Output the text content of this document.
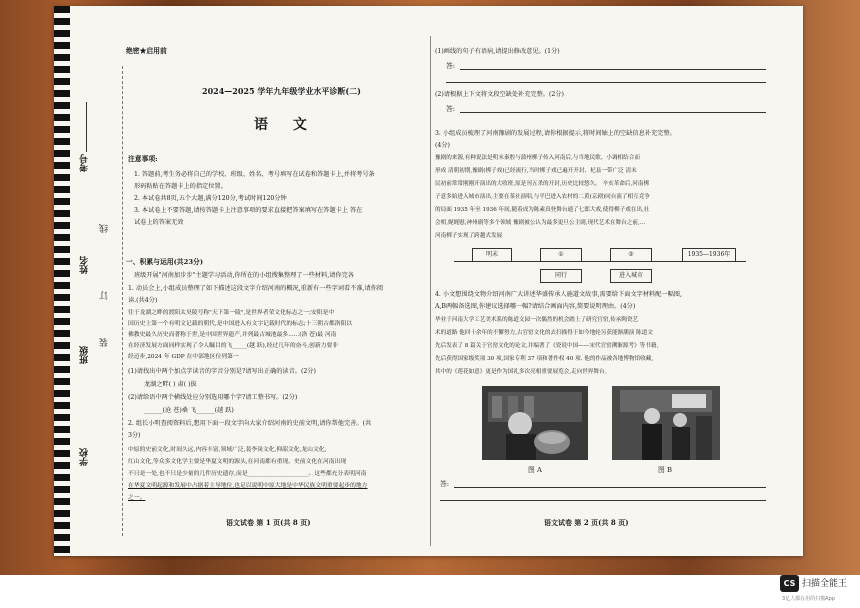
考号
姓名
班级
学校
线
订
装
绝密★启用前
2024—2025 学年九年级学业水平诊断(二)
语 文
注意事项:
1. 答题前,考生务必将自己的学校、班级、姓名、考号填写在试卷和答题卡上,并将考号条
形码粘贴在答题卡上的指定位置。
2. 本试卷共8页,五个大题,满分120分,考试时间120分钟
3. 本试卷上不要答题,请按答题卡上注意事项的要求直接把答案填写在答题卡上 答在
试卷上的答案无效
一、积累与运用(共23分)
班级开展"河南加步步"主题学习活动,你所在的小组搜集整理了一些材料,请你完各
1. 动员会上,小组成员整理了如下描述这段文字介绍河南的概况,重新有一些字词看不准,请你阅
读.(共4分)
往于龙湖之畔的渡阳太昊陵号称"天下第一陵",是世界者荣文化标志之一;安阳是中
国历史上第一个有明文记载的朝代,是中国进入有文字记载时代的标志;十三朝古都洛阳以
佛教史最久历史而著称于世,是中国世界遗产,并列最古城池最多......(洛 苍)最 河南
在经济发展方面同样实现了令人瞩目的飞_____(越 跃),经过几年的奋斗,创新力要非
经迈步,2024 年 GDP 在中部地区位列第一
(1)请找出中两个加点字读音的字音分别是?请写出正确的读音。(2分)
龙湖之畔( ) 肃( )拔
(2)请给语中两个横线处应分别选用哪个字?请工整书写。(2分)
______(沧 苍)桑 飞______(越 跃)
2. 组长小明查阅资料后,想用下面一段文字向大家介绍河南的史前文明,请你帮他完善。(共
3分)
中原的史前文化,时间久远,内容丰富,领域广泛,裴李岗文化,仰韶文化,龙山文化,
红山文化,等众多文化学主要是华夏文明的源头,在河南都有重现。史前文化在河南出现
不只是一处,也不只是少量的几件历史遗存,而是_____________________。这些都充分表明河南
在华夏文明起源和发展中占据着主导地位,也足以说明中原大地是中华民族文明重要起步的地方
之一。
语文试卷 第 1 页(共 8 页)
(1)画线的句子有语病,请提出修改意见。(1分)
答:
(2)请根据上下文将文段空缺处补充完整。(2分)
答:
3. 小组成员梳理了河南豫剧的发展过程,请你根据提示,将时间轴上的空缺信息补充完整。
(4分)
豫剧的来源,有种说法是明末秦腔与蒲州梆子传入河南后,与当地民歌、小调相结合而
形成 清朝初期,豫剧(梆子戏)已经流行,当时梆子戏已遍开开封、杞县一带广泛 清末
民初前常常刚刚开演出的大收班,原是刊五杀的开封,历史比较悠久。 辛亥革命后,河南梆
子意多始进入城市演出,主要在茶社演唱,与平巴进入农村的二黄(京剧)同台演了相互竞争
的局面 1935 年至 1936 年间,随着成为陈素真登舞台通了七郎大戏,使得梆子戏在出,社
会相,娓娓慰,神州剧等多个领域 豫剧被公认为最多更旦公主剧,现代艺术在舞台之前,...
河南梆子实现了跨越式发展
明末	①	②	1935—1936年
同行	进入城市
4. 小文想围绕文物介绍河南广大讲述华盛传承人施道文故事,需要给下面文字材料配一幅图,
A,B两幅备选图,你建议选择哪一幅?请结合画面内容,简要说明理由。(4分)
毕业于河南大学工艺美术系的陈道文园一次偶然的机会踏上了研究官窑,传承陶瓷艺
术的道路 他回十余年的不懈努力,古官窑文化的去扫描得于如今地轮另获能渐潮演 陈道文
先后发表了 8 篇关于官窑文化的论文,并编著了《瓷说中国——宋代官窑溯渐源考》等书籍,
先后获得国家级奖项 30 项,国家专利 37 项和著作权 40 项. 他的作品被各地博物馆收藏,
其中的《莲花如意》更是作为国礼多次亮相重要展览会,走向世界舞台。
图 A	图 B
答:
语文试卷 第 2 页(共 8 页)
CS 扫描全能王
3亿人都在用的扫描App
